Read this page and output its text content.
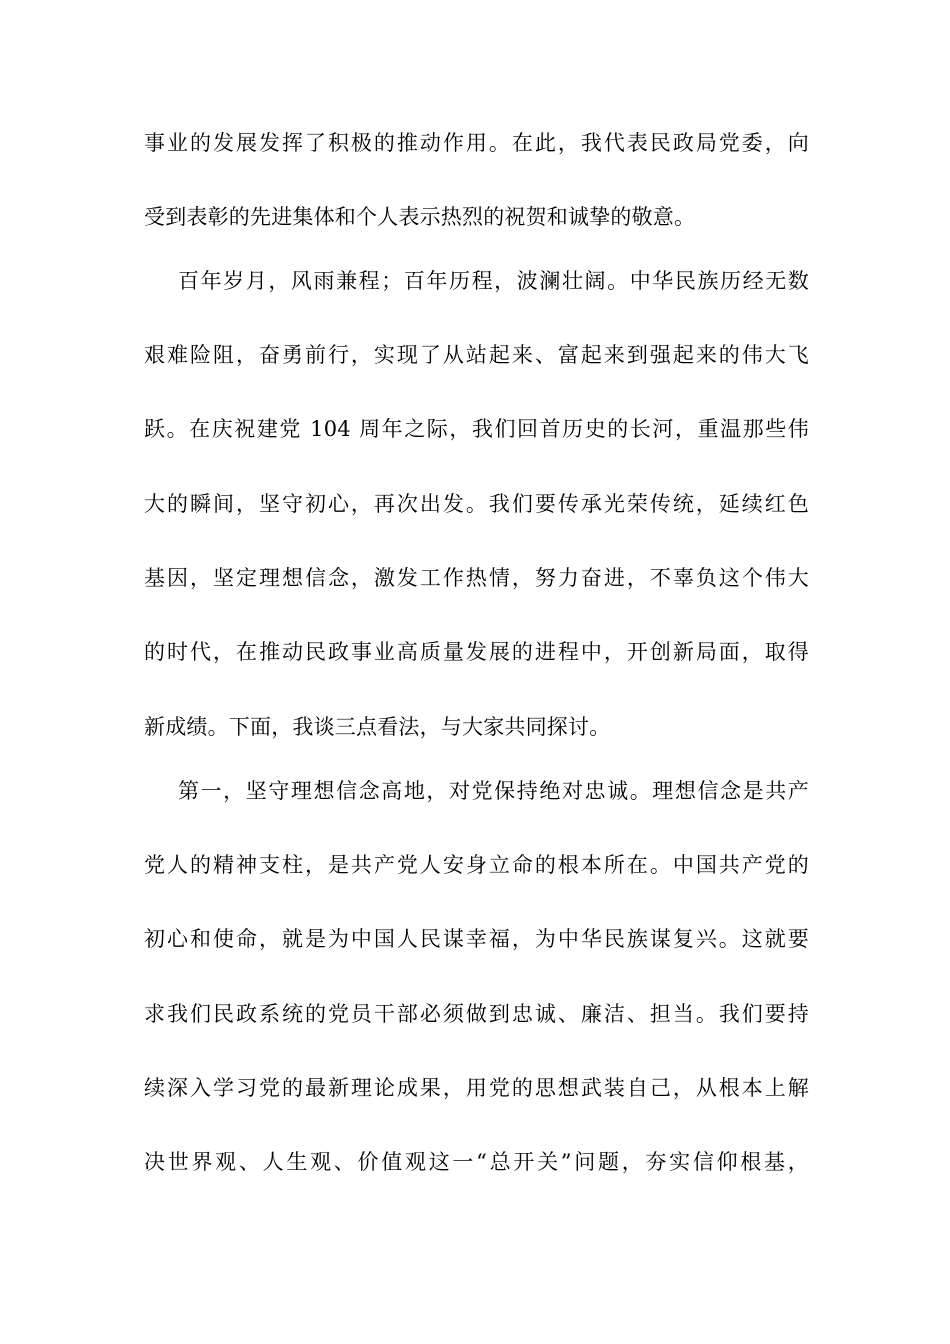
事业的发展发挥了积极的推动作用。在此，我代表民政局党委，向
受到表彰的先进集体和个人表示热烈的祝贺和诚挚的敬意。
百年岁月，风雨兼程；百年历程，波澜壮阔。中华民族历经无数
艰难险阻，奋勇前行，实现了从站起来、富起来到强起来的伟大飞
跃。在庆祝建党 104 周年之际，我们回首历史的长河，重温那些伟
大的瞬间，坚守初心，再次出发。我们要传承光荣传统，延续红色
基因，坚定理想信念，激发工作热情，努力奋进，不辜负这个伟大
的时代，在推动民政事业高质量发展的进程中，开创新局面，取得
新成绩。下面，我谈三点看法，与大家共同探讨。
第一，坚守理想信念高地，对党保持绝对忠诚。理想信念是共产
党人的精神支柱，是共产党人安身立命的根本所在。中国共产党的
初心和使命，就是为中国人民谋幸福，为中华民族谋复兴。这就要
求我们民政系统的党员干部必须做到忠诚、廉洁、担当。我们要持
续深入学习党的最新理论成果，用党的思想武装自己，从根本上解
决世界观、人生观、价值观这一“总开关”问题，夯实信仰根基，
